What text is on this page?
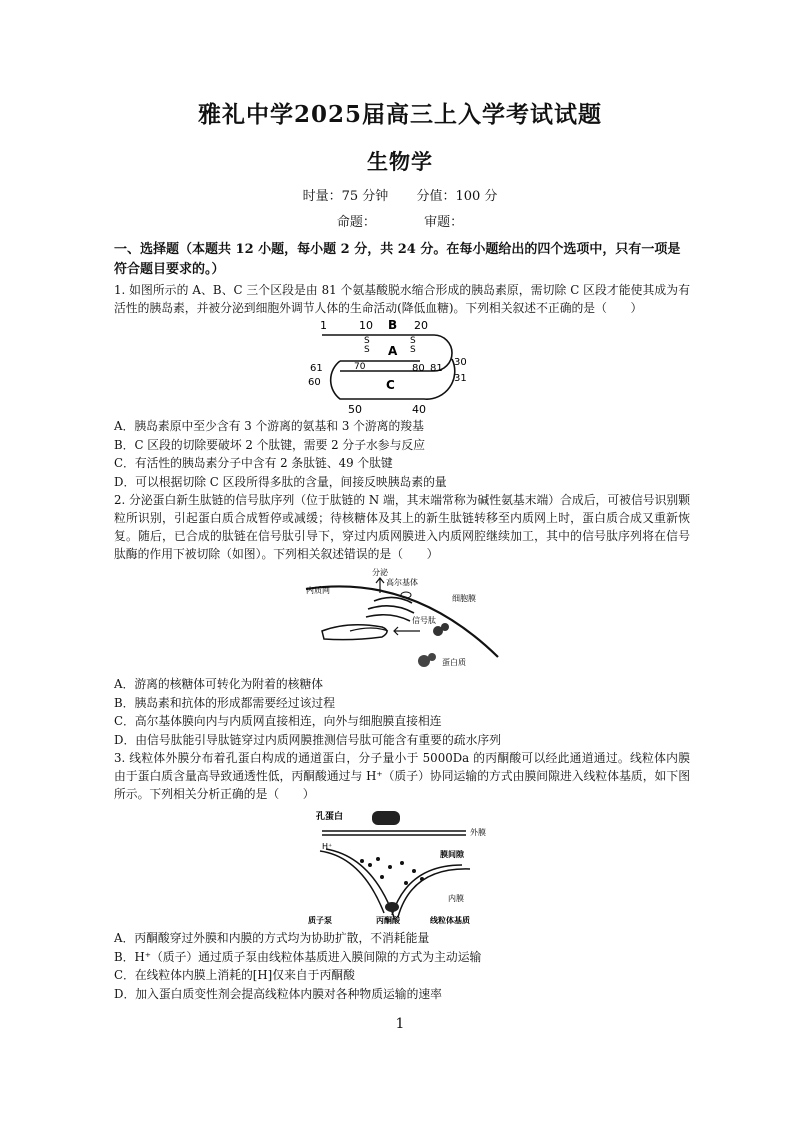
雅礼中学2025届高三上入学考试试题
生物学
时量：75 分钟 分值：100 分
命题：	审题：
一、选择题（本题共 12 小题，每小题 2 分，共 24 分。在每小题给出的四个选项中，只有一项是符合题目要求的。）

1. 如图所示的 A、B、C 三个区段是由 81 个氨基酸脱水缩合形成的胰岛素原，需切除 C 区段才能使其成为有活性的胰岛素，并被分泌到细胞外调节人体的生命活动(降低血糖)。下列相关叙述不正确的是（　　）

1	10 B 20
S
S
S
S
A
61	70	80 81
30
60	C	31
50	40

A．胰岛素原中至少含有 3 个游离的氨基和 3 个游离的羧基

B．C 区段的切除要破坏 2 个肽键，需要 2 分子水参与反应

C．有活性的胰岛素分子中含有 2 条肽链、49 个肽键

D．可以根据切除 C 区段所得多肽的含量，间接反映胰岛素的量

2. 分泌蛋白新生肽链的信号肽序列（位于肽链的 N 端，其末端常称为碱性氨基末端）合成后，可被信号识别颗粒所识别，引起蛋白质合成暂停或减缓；待核糖体及其上的新生肽链转移至内质网上时，蛋白质合成又重新恢复。随后，已合成的肽链在信号肽引导下，穿过内质网膜进入内质网腔继续加工，其中的信号肽序列将在信号肽酶的作用下被切除（如图）。下列相关叙述错误的是（　　）

分泌
内质网
高尔基体
细胞膜
信号肽
蛋白质

A．游离的核糖体可转化为附着的核糖体

B．胰岛素和抗体的形成都需要经过该过程

C．高尔基体膜向内与内质网直接相连，向外与细胞膜直接相连

D．由信号肽能引导肽链穿过内质网膜推测信号肽可能含有重要的疏水序列

3. 线粒体外膜分布着孔蛋白构成的通道蛋白，分子量小于 5000Da 的丙酮酸可以经此通道通过。线粒体内膜由于蛋白质含量高导致通透性低，丙酮酸通过与 H⁺（质子）协同运输的方式由膜间隙进入线粒体基质，如下图所示。下列相关分析正确的是（　　）

孔蛋白
外膜
H⁺
膜间隙
内膜
质子泵	丙酮酸	线粒体基质

A．丙酮酸穿过外膜和内膜的方式均为协助扩散，不消耗能量

B．H⁺（质子）通过质子泵由线粒体基质进入膜间隙的方式为主动运输

C．在线粒体内膜上消耗的[H]仅来自于丙酮酸

D．加入蛋白质变性剂会提高线粒体内膜对各种物质运输的速率

1
